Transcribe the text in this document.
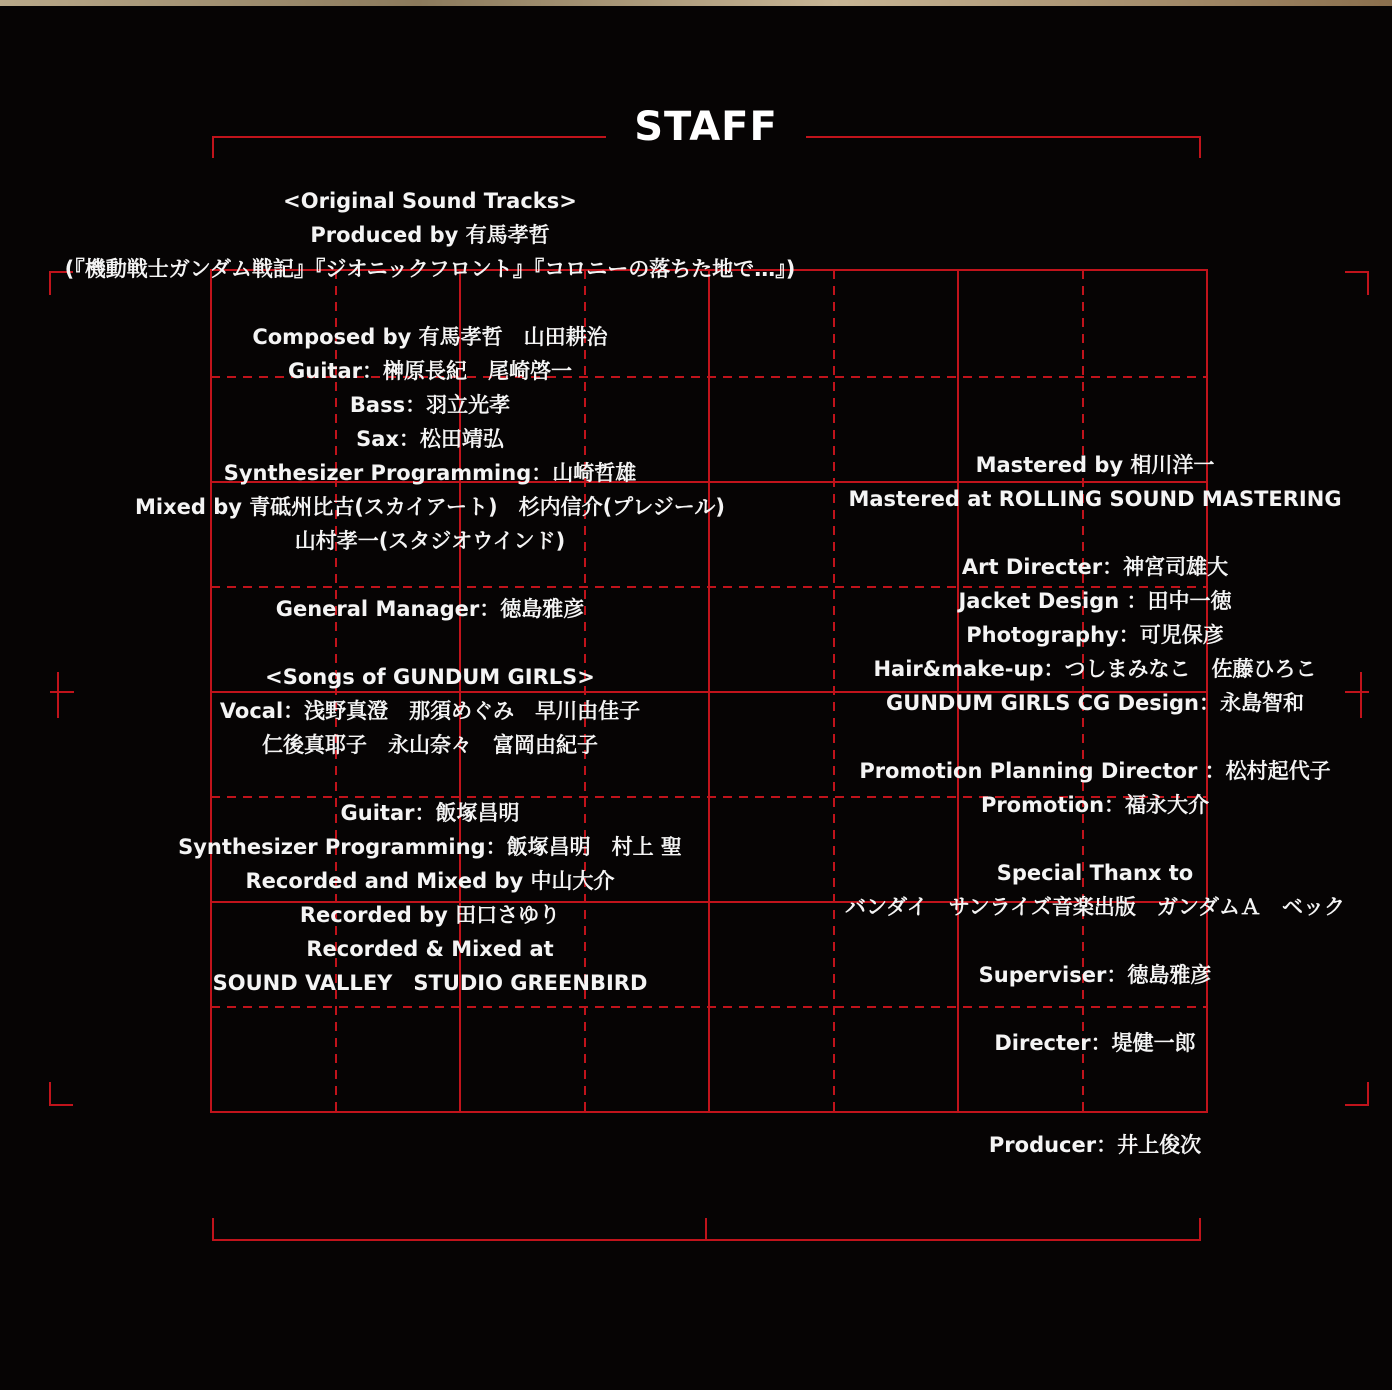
STAFF
<Original Sound Tracks>
Produced by 有馬孝哲
(『機動戦士ガンダム戦記』『ジオニックフロント』『コロニーの落ちた地で…』)
Composed by 有馬孝哲　山田耕治
Guitar：榊原長紀　尾崎啓一
Bass：羽立光孝
Sax：松田靖弘
Synthesizer Programming：山崎哲雄
Mixed by 青砥州比古(スカイアート)　杉内信介(プレジール)
山村孝一(スタジオウインド)
General Manager：徳島雅彦
<Songs of GUNDUM GIRLS>
Vocal：浅野真澄　那須めぐみ　早川由佳子
仁後真耶子　永山奈々　富岡由紀子
Guitar：飯塚昌明
Synthesizer Programming：飯塚昌明　村上 聖
Recorded and Mixed by 中山大介
Recorded by 田口さゆり
Recorded & Mixed at
SOUND VALLEY　STUDIO GREENBIRD
Mastered by 相川洋一
Mastered at ROLLING SOUND MASTERING
Art Directer：神宮司雄大
Jacket Design ：田中一徳
Photography：可児保彦
Hair&make-up：つしまみなこ　佐藤ひろこ
GUNDUM GIRLS CG Design：永島智和
Promotion Planning Director ：松村起代子
Promotion：福永大介
Special Thanx to
バンダイ　サンライズ音楽出版　ガンダムＡ　ベック
Superviser：徳島雅彦
Directer：堤健一郎
Producer：井上俊次
